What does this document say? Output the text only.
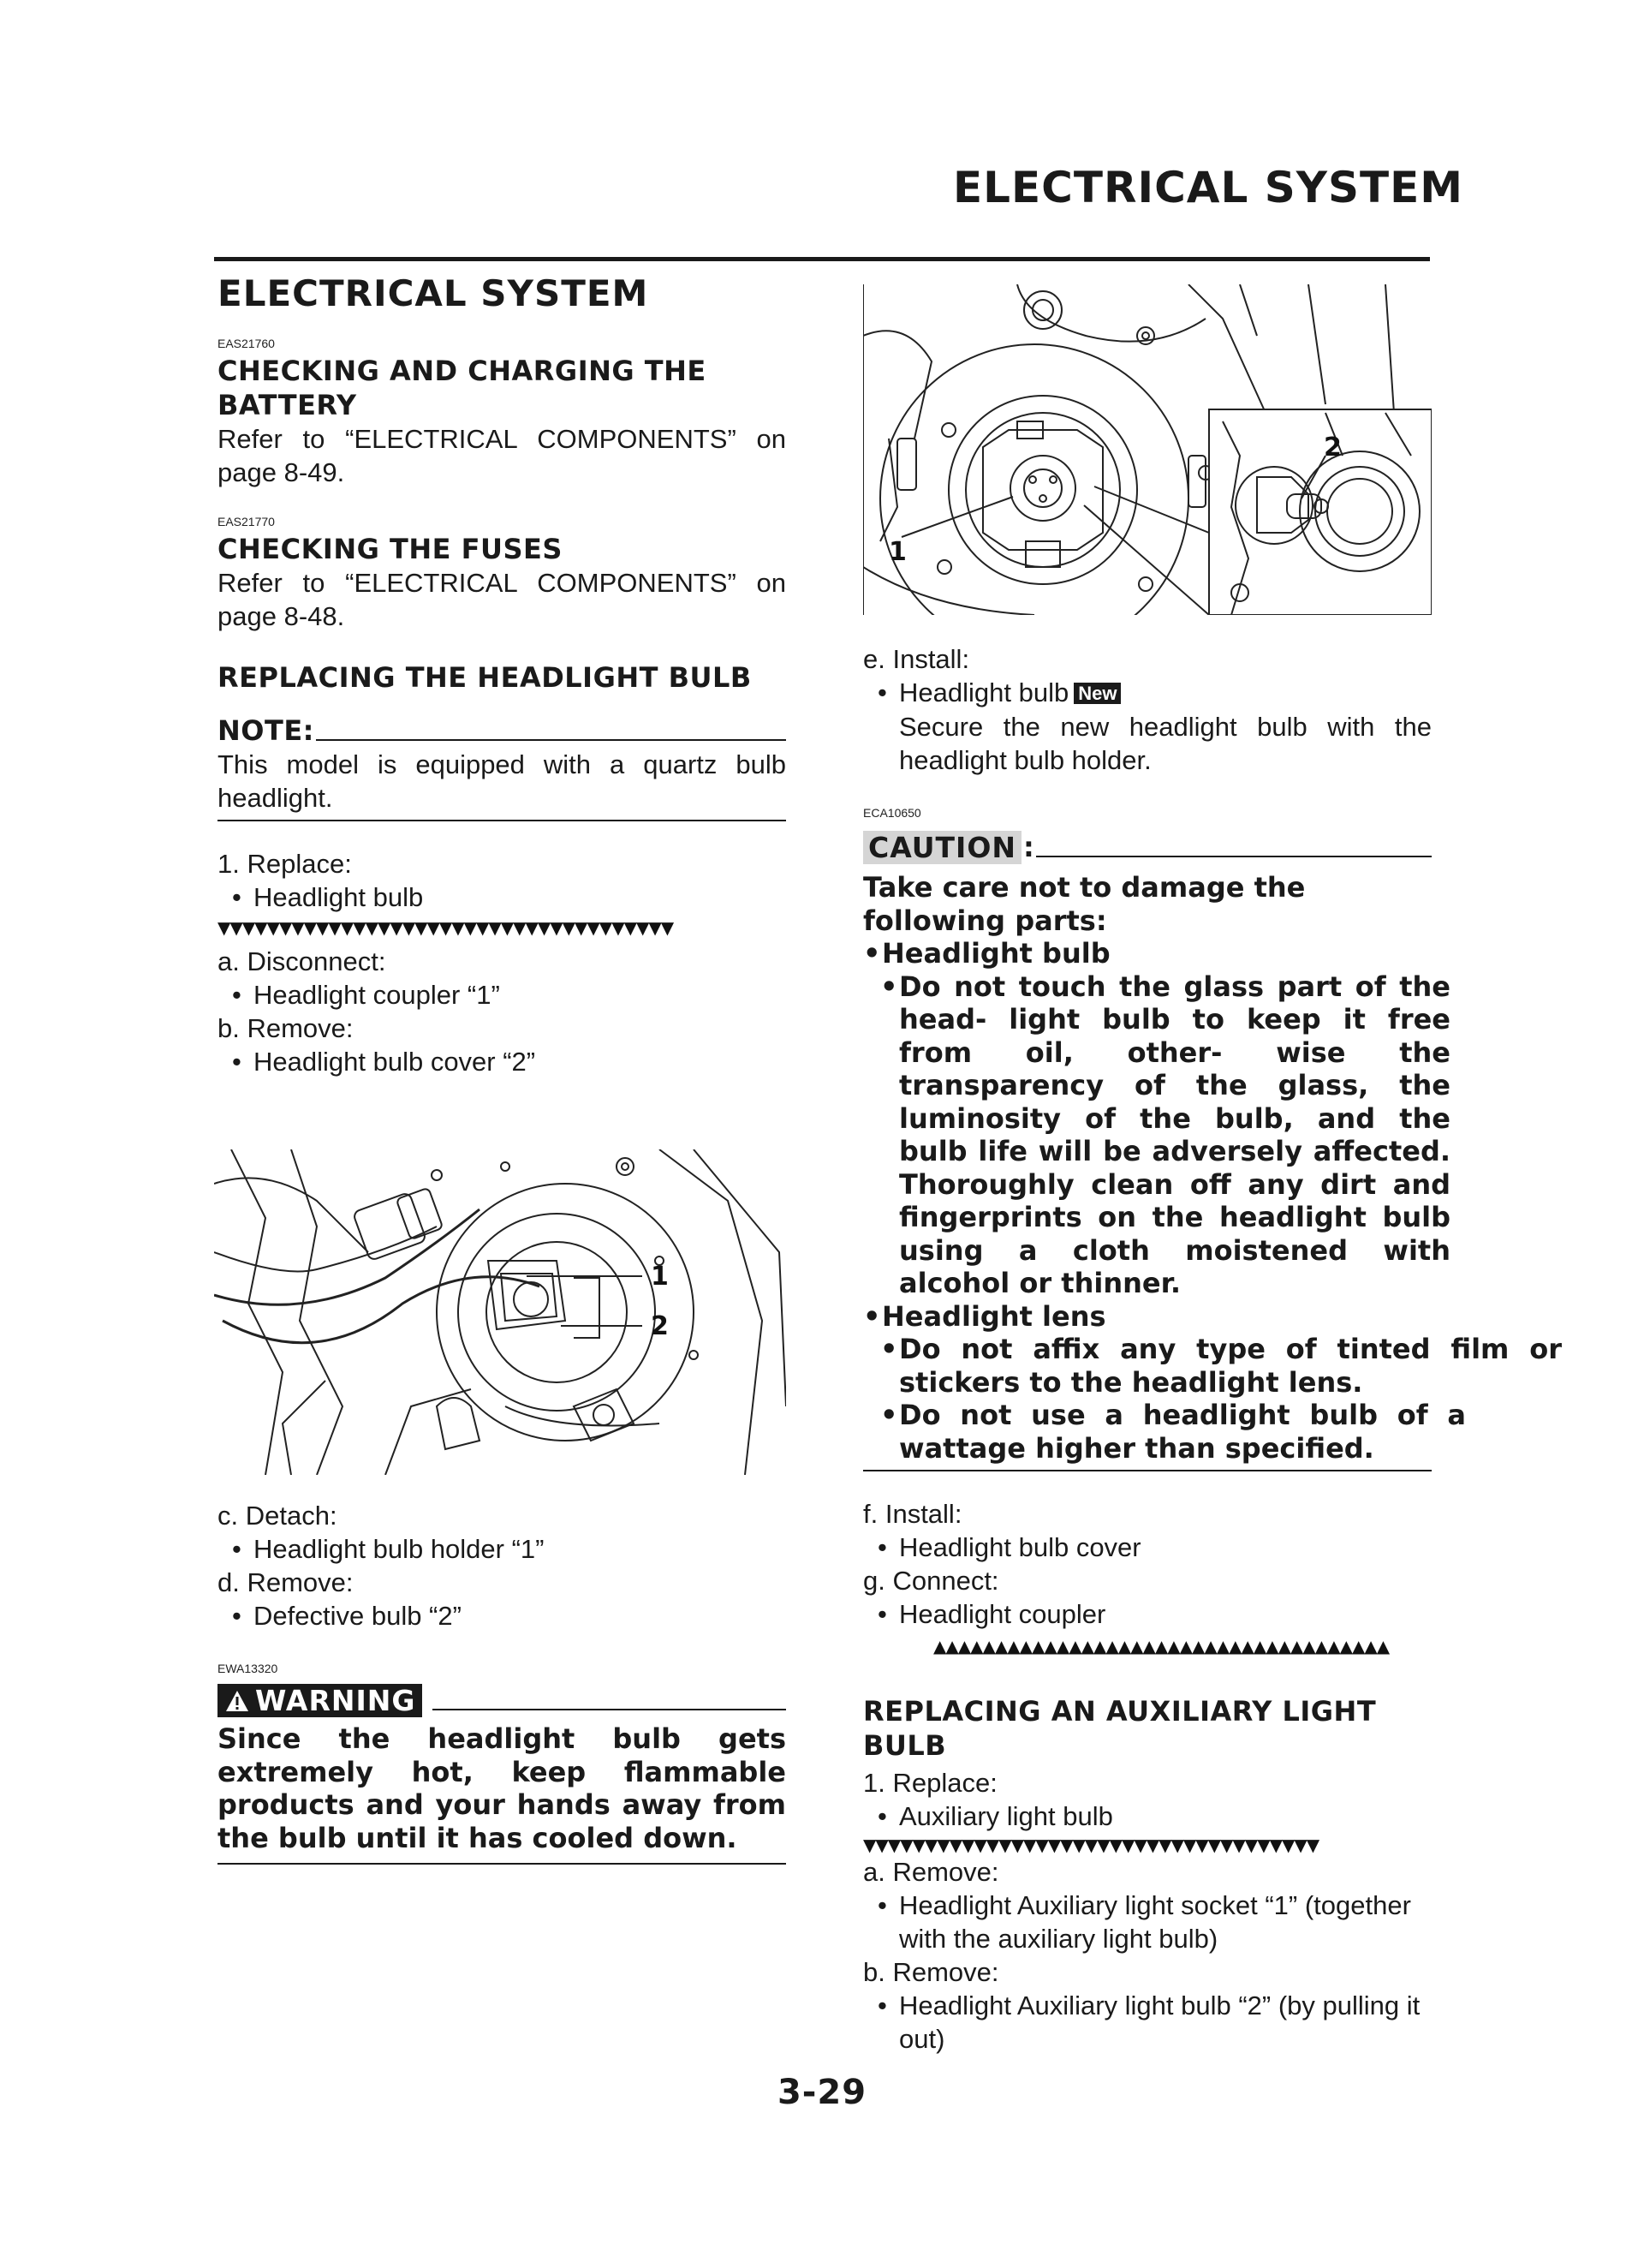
ELECTRICAL SYSTEM
ELECTRICAL SYSTEM
EAS21760
CHECKING AND CHARGING THE BATTERY
Refer to “ELECTRICAL COMPONENTS” on page 8-49.
EAS21770
CHECKING THE FUSES
Refer to “ELECTRICAL COMPONENTS” on page 8-48.
REPLACING THE HEADLIGHT BULB
NOTE:
This model is equipped with a quartz bulb headlight.
1. Replace:
• Headlight bulb
▼▼▼▼▼▼▼▼▼▼▼▼▼▼▼▼▼▼▼▼▼▼▼▼▼▼▼▼▼▼▼▼▼▼▼▼▼
a. Disconnect:
• Headlight coupler “1”
b. Remove:
• Headlight bulb cover “2”
1
2
c. Detach:
• Headlight bulb holder “1”
d. Remove:
• Defective bulb “2”
EWA13320
WARNING
Since the headlight bulb gets extremely hot, keep flammable products and your hands away from the bulb until it has cooled down.
1
2
e. Install:
• Headlight bulb New
Secure the new headlight bulb with the headlight bulb holder.
ECA10650
CAUTION :
Take care not to damage the following parts:
• Headlight bulb
• Do not touch the glass part of the head- light bulb to keep it free from oil, other- wise the transparency of the glass, the luminosity of the bulb, and the bulb life will be adversely affected. Thoroughly clean off any dirt and fingerprints on the headlight bulb using a cloth moistened with alcohol or thinner.
• Headlight lens
• Do not affix any type of tinted film or stickers to the headlight lens.
• Do not use a headlight bulb of a wattage higher than specified.
f. Install:
• Headlight bulb cover
g. Connect:
• Headlight coupler
▲▲▲▲▲▲▲▲▲▲▲▲▲▲▲▲▲▲▲▲▲▲▲▲▲▲▲▲▲▲▲▲▲▲▲▲▲
REPLACING AN AUXILIARY LIGHT BULB
1. Replace:
• Auxiliary light bulb
▼▼▼▼▼▼▼▼▼▼▼▼▼▼▼▼▼▼▼▼▼▼▼▼▼▼▼▼▼▼▼▼▼▼▼▼▼
a. Remove:
• Headlight Auxiliary light socket “1” (together with the auxiliary light bulb)
b. Remove:
• Headlight Auxiliary light bulb “2” (by pulling it out)
3-29
